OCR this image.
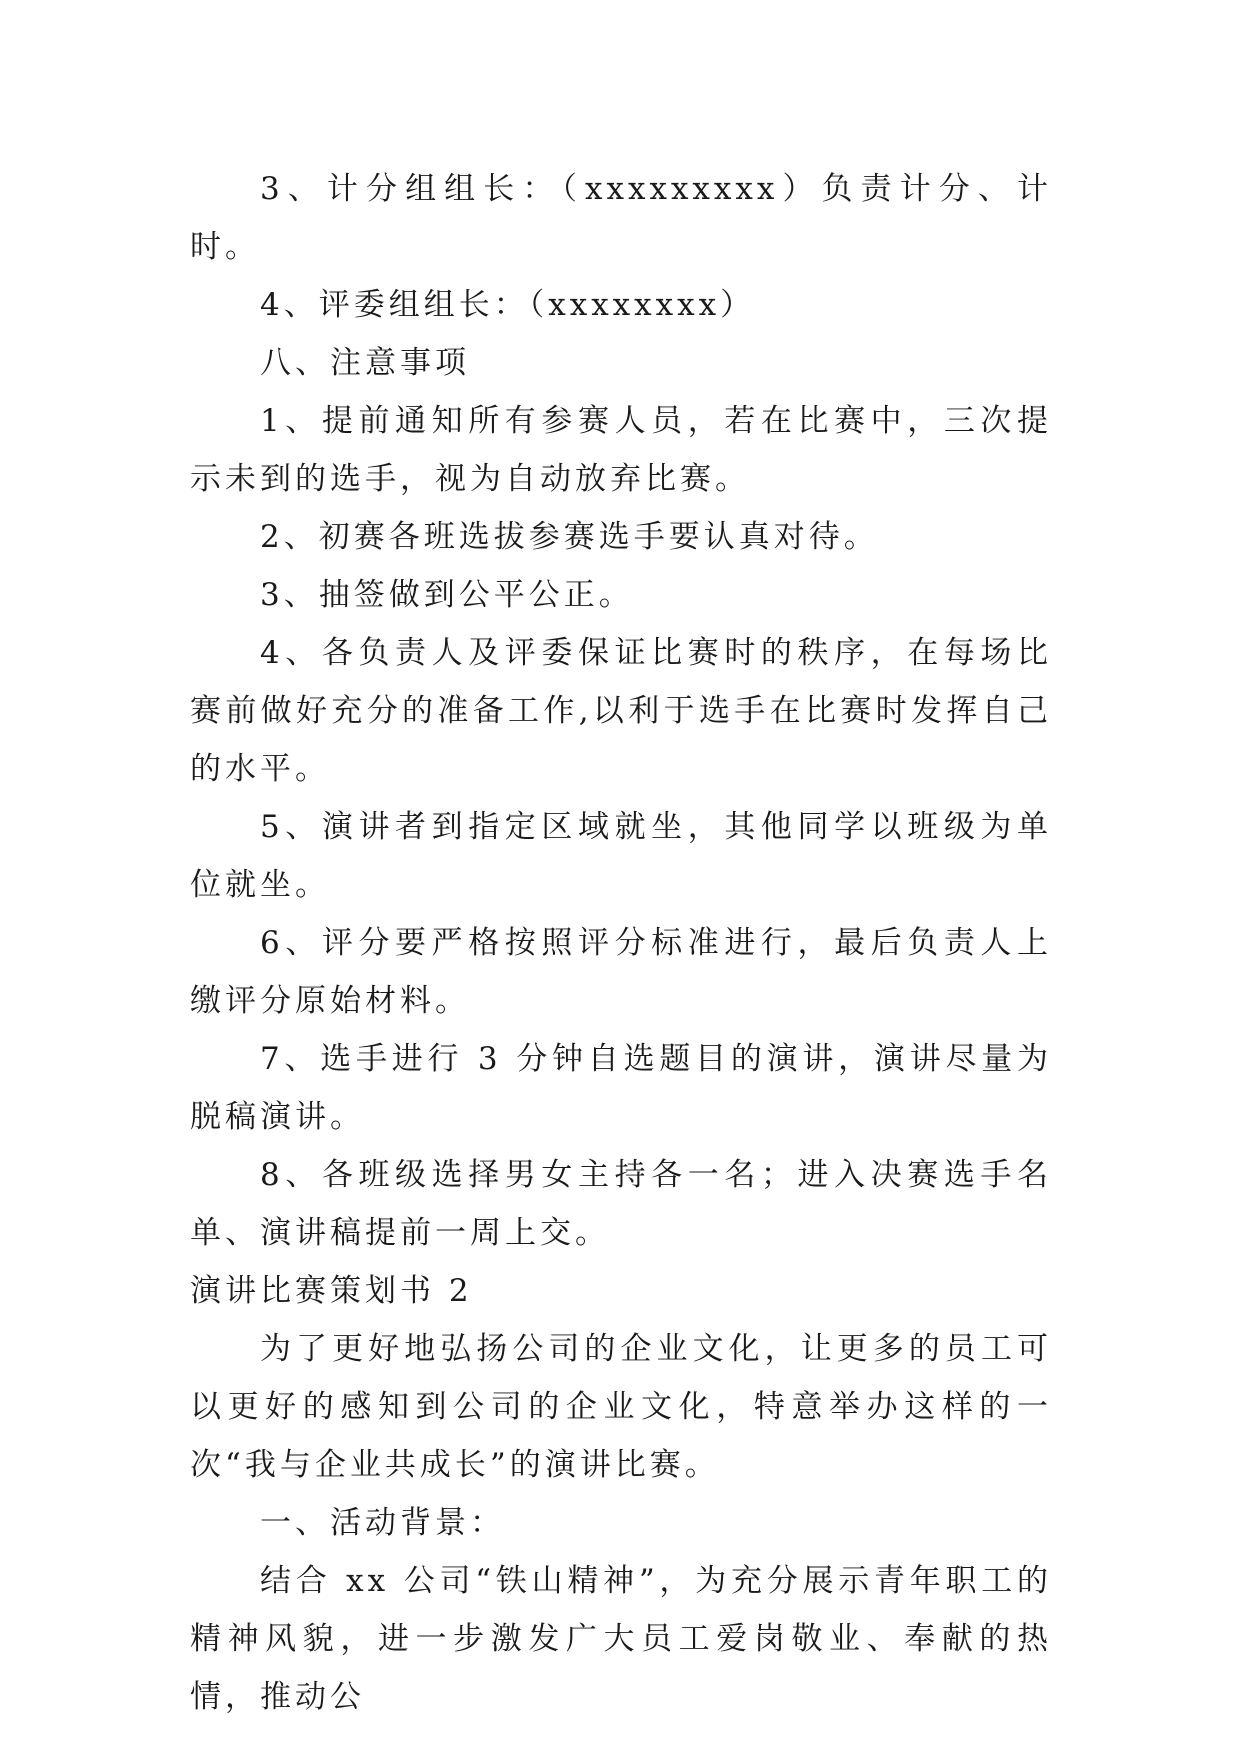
3、计分组组长：（xxxxxxxxx）负责计分、计时。

4、评委组组长：（xxxxxxxx）

八、注意事项

1、提前通知所有参赛人员，若在比赛中，三次提示未到的选手，视为自动放弃比赛。

2、初赛各班选拔参赛选手要认真对待。

3、抽签做到公平公正。

4、各负责人及评委保证比赛时的秩序，在每场比赛前做好充分的准备工作,以利于选手在比赛时发挥自己的水平。

5、演讲者到指定区域就坐，其他同学以班级为单位就坐。

6、评分要严格按照评分标准进行，最后负责人上缴评分原始材料。

7、选手进行 3 分钟自选题目的演讲，演讲尽量为脱稿演讲。

8、各班级选择男女主持各一名；进入决赛选手名单、演讲稿提前一周上交。

演讲比赛策划书 2

为了更好地弘扬公司的企业文化，让更多的员工可以更好的感知到公司的企业文化，特意举办这样的一次“我与企业共成长”的演讲比赛。

一、活动背景：

结合 xx 公司“铁山精神”，为充分展示青年职工的精神风貌，进一步激发广大员工爱岗敬业、奉献的热情，推动公
